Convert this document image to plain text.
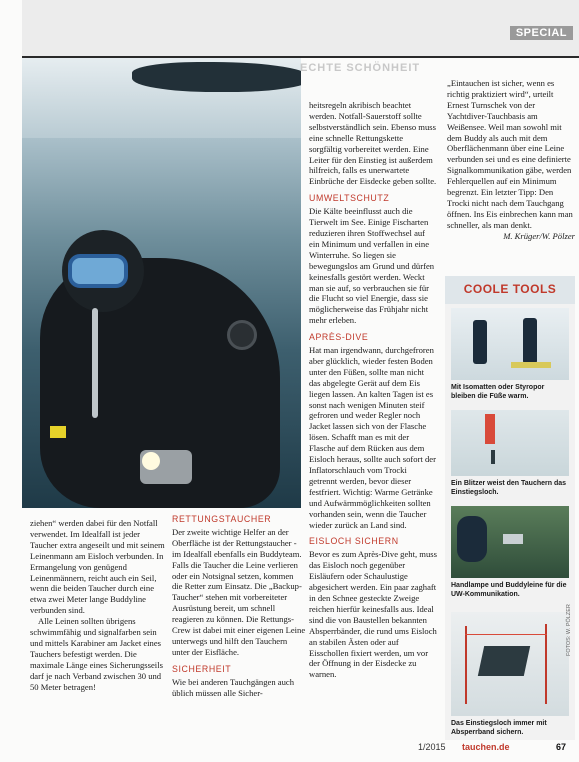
SPECIAL
ECHTE SCHÖNHEIT

ziehen“ werden dabei für den Notfall verwendet. Im Idealfall ist jeder Taucher extra angeseilt und mit seinem Leinenmann am Eisloch verbunden. In Ermangelung von genügend Leinenmännern, reicht auch ein Seil, wenn die beiden Taucher durch eine etwa zwei Meter lange Buddyline verbunden sind.

Alle Leinen sollten übrigens schwimmfähig und signalfarben sein und mittels Karabiner am Jacket eines Tauchers befestigt werden. Die maximale Länge eines Sicherungsseils darf je nach Verband zwischen 30 und 50 Meter betragen!

RETTUNGSTAUCHER

Der zweite wichtige Helfer an der Oberfläche ist der Rettungstaucher - im Idealfall ebenfalls ein Buddyteam. Falls die Taucher die Leine verlieren oder ein Notsignal setzen, kommen die Retter zum Einsatz. Die „Backup-Taucher“ stehen mit vorbereiteter Ausrüstung bereit, um schnell reagieren zu können. Die Rettungs-Crew ist dabei mit einer eigenen Leine unterwegs und hilft den Tauchern unter der Eisfläche.

SICHERHEIT

Wie bei anderen Tauchgängen auch üblich müssen alle Sicher-

heitsregeln akribisch beachtet werden. Notfall-Sauerstoff sollte selbstverständlich sein. Ebenso muss eine schnelle Rettungskette sorgfältig vorbereitet werden. Eine Leiter für den Einstieg ist außerdem hilfreich, falls es unerwartete Einbrüche der Eisdecke geben sollte.

UMWELTSCHUTZ

Die Kälte beeinflusst auch die Tierwelt im See. Einige Fischarten reduzieren ihren Stoffwechsel auf ein Minimum und verfallen in eine Winterruhe. So liegen sie bewegungslos am Grund und dürfen keinesfalls gestört werden. Weckt man sie auf, so verbrauchen sie für die Flucht so viel Energie, dass sie möglicherweise das Frühjahr nicht mehr erleben.

APRÈS-DIVE

Hat man irgendwann, durchgefroren aber glücklich, wieder festen Boden unter den Füßen, sollte man nicht das abgelegte Gerät auf dem Eis liegen lassen. An kalten Tagen ist es sonst nach wenigen Minuten steif gefroren und weder Regler noch Jacket lassen sich von der Flasche lösen. Schafft man es mit der Flasche auf dem Rücken aus dem Eisloch heraus, sollte auch sofort der Inflatorschlauch vom Trocki getrennt werden, bevor dieser festfriert. Wichtig: Warme Getränke und Aufwärmmöglichkeiten sollten vorhanden sein, wenn die Taucher wieder zurück an Land sind.

EISLOCH SICHERN

Bevor es zum Après-Dive geht, muss das Eisloch noch gegenüber Eisläufern oder Schaulustige abgesichert werden. Ein paar zaghaft in den Schnee gesteckte Zweige reichen hierfür keinesfalls aus. Ideal sind die von Baustellen bekannten Absperrbänder, die rund ums Eisloch an stabilen Ästen oder auf Eisschollen fixiert werden, um vor der Öffnung in der Eisdecke zu warnen.

„Eintauchen ist sicher, wenn es richtig praktiziert wird“, urteilt Ernest Turnschek von der Yachtdiver-Tauchbasis am Weißensee. Weil man sowohl mit dem Buddy als auch mit dem Oberflächenmann über eine Leine verbunden sei und es eine definierte Signalkommunikation gäbe, werden Fehlerquellen auf ein Minimum begrenzt. Ein letzter Tipp: Den Trocki nicht nach dem Tauchgang öffnen. Ins Eis einbrechen kann man schneller, als man denkt.

M. Krüger/W. Pölzer

COOLE TOOLS
Mit Isomatten oder Styropor bleiben die Füße warm.
Ein Blitzer weist den Tauchern das Einstiegsloch.
Handlampe und Buddyleine für die UW-Kommunikation.
Das Einstiegsloch immer mit Absperrband sichern.
FOTOS: W. PÖLZER
1/2015 tauchen.de	67
